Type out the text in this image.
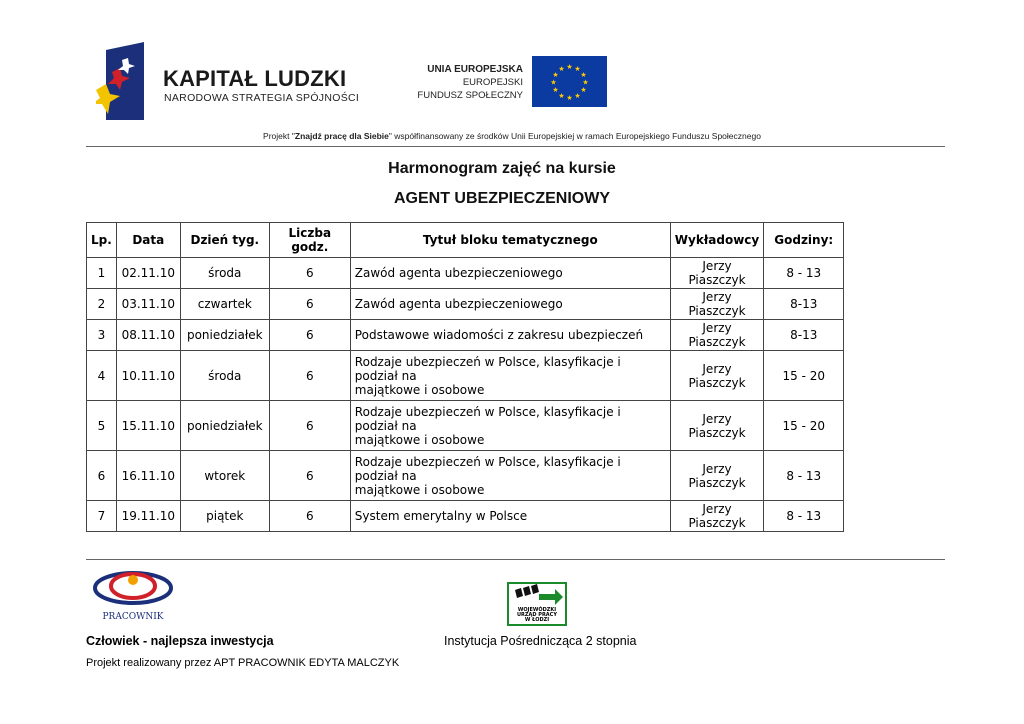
KAPITAŁ LUDZKI
NARODOWA STRATEGIA SPÓJNOŚCI
UNIA EUROPEJSKA
EUROPEJSKI
FUNDUSZ SPOŁECZNY
★ ★
★
★
★
★
★
★
★
★
★
★
Projekt "Znajdź pracę dla Siebie" współfinansowany ze środków Unii Europejskiej w ramach Europejskiego Funduszu Społecznego
Harmonogram zajęć na kursie
AGENT UBEZPIECZENIOWY
Lp.	Data	Dzień tyg.	Liczba godz.	Tytuł bloku tematycznego	Wykładowcy	Godziny:
1	02.11.10	środa	6	Zawód agenta ubezpieczeniowego	Jerzy Piaszczyk	8 - 13
2	03.11.10	czwartek	6	Zawód agenta ubezpieczeniowego	Jerzy Piaszczyk	8-13
3	08.11.10	poniedziałek	6	Podstawowe wiadomości z zakresu ubezpieczeń	Jerzy Piaszczyk	8-13
4	10.11.10	środa	6	Rodzaje ubezpieczeń w Polsce, klasyfikacje i podział na
majątkowe i osobowe	Jerzy Piaszczyk	15 - 20
5	15.11.10	poniedziałek	6	Rodzaje ubezpieczeń w Polsce, klasyfikacje i podział na
majątkowe i osobowe	Jerzy Piaszczyk	15 - 20
6	16.11.10	wtorek	6	Rodzaje ubezpieczeń w Polsce, klasyfikacje i podział na
majątkowe i osobowe	Jerzy Piaszczyk	8 - 13
7	19.11.10	piątek	6	System emerytalny w Polsce	Jerzy Piaszczyk	8 - 13
PRACOWNIK
WOJEWÓDZKI
URZĄD PRACY
W ŁODZI
Człowiek - najlepsza inwestycja	Instytucja Pośrednicząca 2 stopnia
Projekt realizowany przez APT PRACOWNIK EDYTA MALCZYK
